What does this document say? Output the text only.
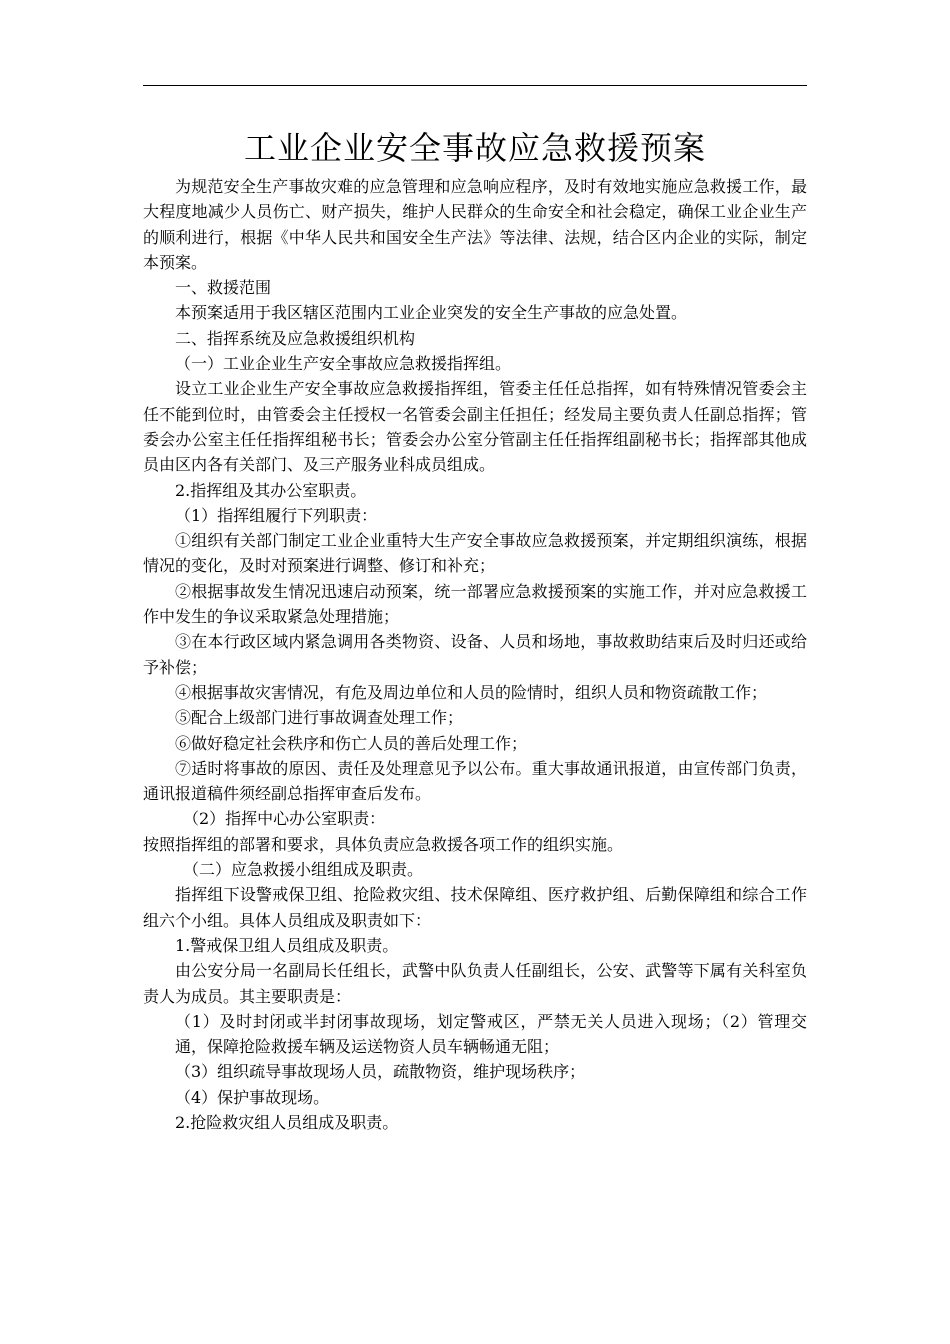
工业企业安全事故应急救援预案

为规范安全生产事故灾难的应急管理和应急响应程序，及时有效地实施应急救援工作，最大程度地减少人员伤亡、财产损失，维护人民群众的生命安全和社会稳定，确保工业企业生产的顺利进行，根据《中华人民共和国安全生产法》等法律、法规，结合区内企业的实际，制定本预案。

一、救援范围

本预案适用于我区辖区范围内工业企业突发的安全生产事故的应急处置。

二、指挥系统及应急救援组织机构

（一）工业企业生产安全事故应急救援指挥组。

设立工业企业生产安全事故应急救援指挥组，管委主任任总指挥，如有特殊情况管委会主任不能到位时，由管委会主任授权一名管委会副主任担任；经发局主要负责人任副总指挥；管委会办公室主任任指挥组秘书长；管委会办公室分管副主任任指挥组副秘书长；指挥部其他成员由区内各有关部门、及三产服务业科成员组成。

2.指挥组及其办公室职责。

（1）指挥组履行下列职责：

①组织有关部门制定工业企业重特大生产安全事故应急救援预案，并定期组织演练，根据情况的变化，及时对预案进行调整、修订和补充；

②根据事故发生情况迅速启动预案，统一部署应急救援预案的实施工作，并对应急救援工作中发生的争议采取紧急处理措施；

③在本行政区域内紧急调用各类物资、设备、人员和场地，事故救助结束后及时归还或给予补偿；

④根据事故灾害情况，有危及周边单位和人员的险情时，组织人员和物资疏散工作；

⑤配合上级部门进行事故调查处理工作；

⑥做好稳定社会秩序和伤亡人员的善后处理工作；

⑦适时将事故的原因、责任及处理意见予以公布。重大事故通讯报道，由宣传部门负责，通讯报道稿件须经副总指挥审查后发布。

（2）指挥中心办公室职责：

按照指挥组的部署和要求，具体负责应急救援各项工作的组织实施。

（二）应急救援小组组成及职责。

指挥组下设警戒保卫组、抢险救灾组、技术保障组、医疗救护组、后勤保障组和综合工作组六个小组。具体人员组成及职责如下：

1.警戒保卫组人员组成及职责。

由公安分局一名副局长任组长，武警中队负责人任副组长，公安、武警等下属有关科室负责人为成员。其主要职责是：

（1）及时封闭或半封闭事故现场，划定警戒区，严禁无关人员进入现场；（2）管理交通，保障抢险救援车辆及运送物资人员车辆畅通无阻；

（3）组织疏导事故现场人员，疏散物资，维护现场秩序；

（4）保护事故现场。

2.抢险救灾组人员组成及职责。
